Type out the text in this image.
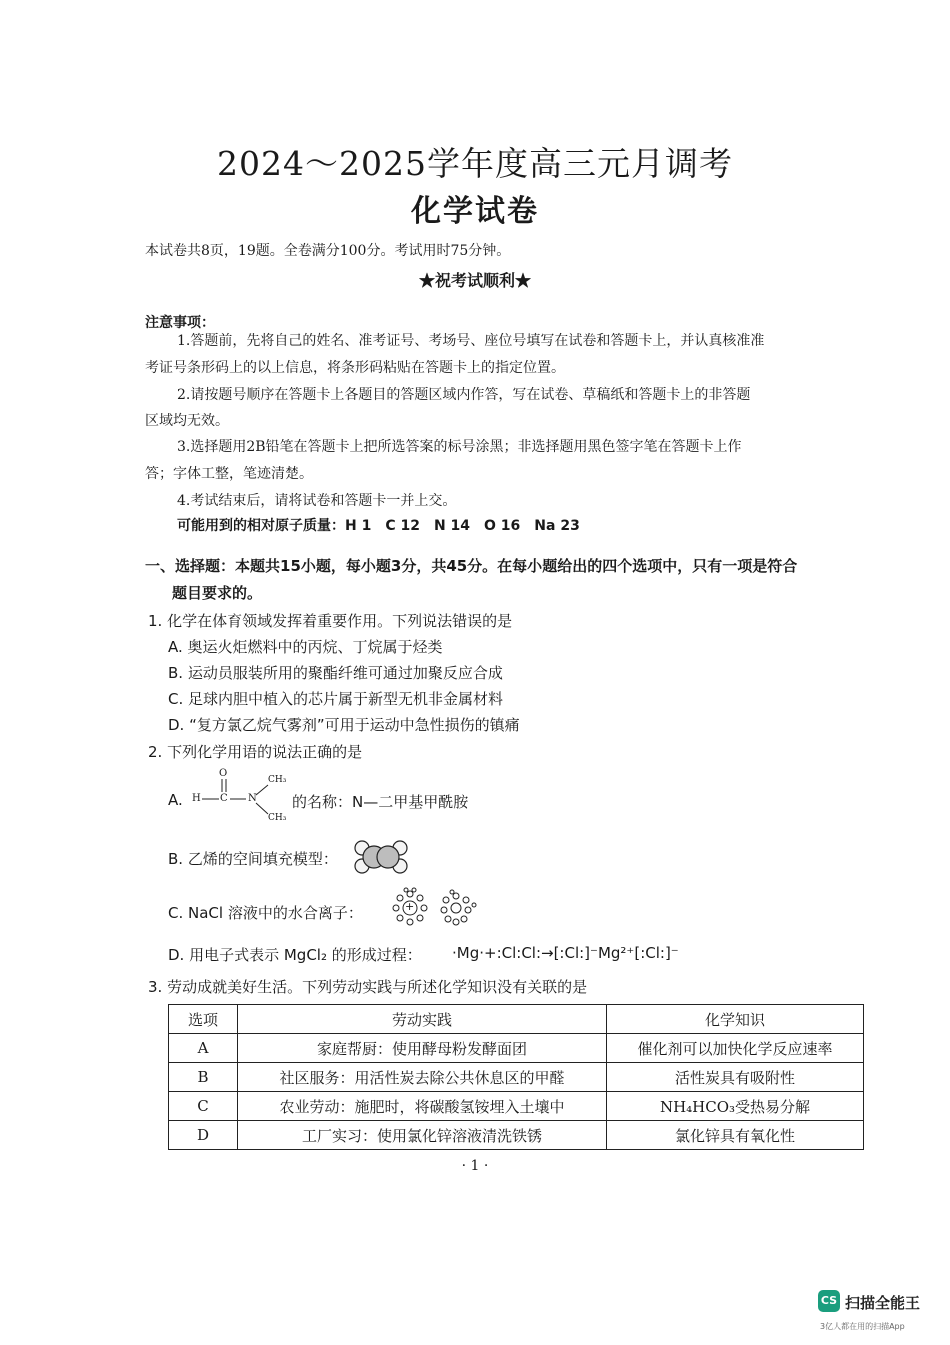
2024～2025学年度高三元月调考
化学试卷
本试卷共8页，19题。全卷满分100分。考试用时75分钟。
★祝考试顺利★
注意事项：
1.答题前，先将自己的姓名、准考证号、考场号、座位号填写在试卷和答题卡上，并认真核准准
考证号条形码上的以上信息，将条形码粘贴在答题卡上的指定位置。
2.请按题号顺序在答题卡上各题目的答题区域内作答，写在试卷、草稿纸和答题卡上的非答题
区域均无效。
3.选择题用2B铅笔在答题卡上把所选答案的标号涂黑；非选择题用黑色签字笔在答题卡上作
答；字体工整，笔迹清楚。
4.考试结束后，请将试卷和答题卡一并上交。
可能用到的相对原子质量：H 1　C 12　N 14　O 16　Na 23
一、选择题：本题共15小题，每小题3分，共45分。在每小题给出的四个选项中，只有一项是符合
题目要求的。
1. 化学在体育领域发挥着重要作用。下列说法错误的是
A. 奥运火炬燃料中的丙烷、丁烷属于烃类
B. 运动员服装所用的聚酯纤维可通过加聚反应合成
C. 足球内胆中植入的芯片属于新型无机非金属材料
D. “复方氯乙烷气雾剂”可用于运动中急性损伤的镇痛
2. 下列化学用语的说法正确的是
A.
O
H C N
CH₃
CH₃
的名称：N—二甲基甲酰胺
B. 乙烯的空间填充模型：
C. NaCl 溶液中的水合离子：	+
D. 用电子式表示 MgCl₂ 的形成过程： ·Mg·+:Cl:Cl:→[:Cl:]⁻Mg²⁺[:Cl:]⁻
3. 劳动成就美好生活。下列劳动实践与所述化学知识没有关联的是
选项	劳动实践	化学知识
A	家庭帮厨：使用酵母粉发酵面团	催化剂可以加快化学反应速率
B	社区服务：用活性炭去除公共休息区的甲醛	活性炭具有吸附性
C	农业劳动：施肥时，将碳酸氢铵埋入土壤中	NH₄HCO₃受热易分解
D	工厂实习：使用氯化锌溶液清洗铁锈	氯化锌具有氧化性
· 1 ·
CS 扫描全能王
3亿人都在用的扫描App
